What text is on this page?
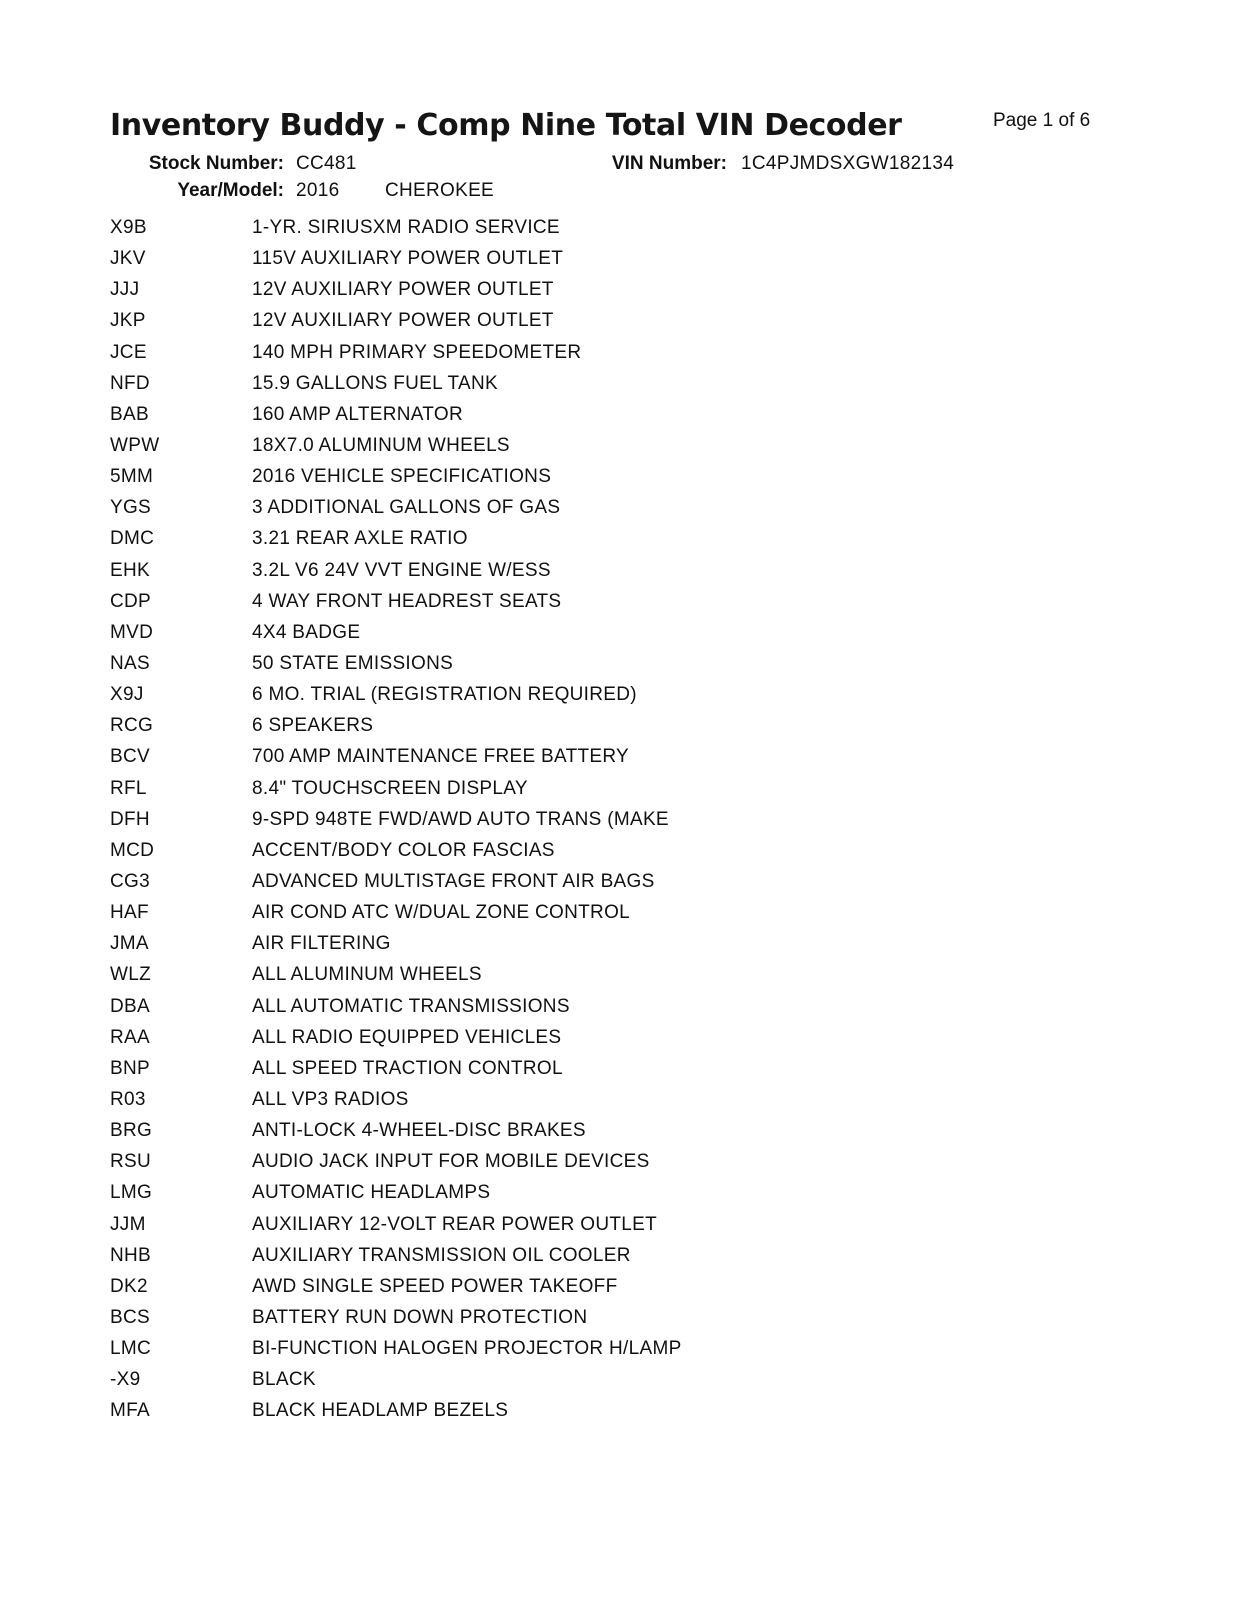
Inventory Buddy - Comp Nine Total VIN Decoder	Page 1 of 6
Stock Number: CC481	VIN Number: 1C4PJMDSXGW182134
Year/Model: 2016 CHEROKEE
X9B	1-YR. SIRIUSXM RADIO SERVICE
JKV	115V AUXILIARY POWER OUTLET
JJJ	12V AUXILIARY POWER OUTLET
JKP	12V AUXILIARY POWER OUTLET
JCE	140 MPH PRIMARY SPEEDOMETER
NFD	15.9 GALLONS FUEL TANK
BAB	160 AMP ALTERNATOR
WPW	18X7.0 ALUMINUM WHEELS
5MM	2016 VEHICLE SPECIFICATIONS
YGS	3 ADDITIONAL GALLONS OF GAS
DMC	3.21 REAR AXLE RATIO
EHK	3.2L V6 24V VVT ENGINE W/ESS
CDP	4 WAY FRONT HEADREST SEATS
MVD	4X4 BADGE
NAS	50 STATE EMISSIONS
X9J	6 MO. TRIAL (REGISTRATION REQUIRED)
RCG	6 SPEAKERS
BCV	700 AMP MAINTENANCE FREE BATTERY
RFL	8.4" TOUCHSCREEN DISPLAY
DFH	9-SPD 948TE FWD/AWD AUTO TRANS (MAKE
MCD	ACCENT/BODY COLOR FASCIAS
CG3	ADVANCED MULTISTAGE FRONT AIR BAGS
HAF	AIR COND ATC W/DUAL ZONE CONTROL
JMA	AIR FILTERING
WLZ	ALL ALUMINUM WHEELS
DBA	ALL AUTOMATIC TRANSMISSIONS
RAA	ALL RADIO EQUIPPED VEHICLES
BNP	ALL SPEED TRACTION CONTROL
R03	ALL VP3 RADIOS
BRG	ANTI-LOCK 4-WHEEL-DISC BRAKES
RSU	AUDIO JACK INPUT FOR MOBILE DEVICES
LMG	AUTOMATIC HEADLAMPS
JJM	AUXILIARY 12-VOLT REAR POWER OUTLET
NHB	AUXILIARY TRANSMISSION OIL COOLER
DK2	AWD SINGLE SPEED POWER TAKEOFF
BCS	BATTERY RUN DOWN PROTECTION
LMC	BI-FUNCTION HALOGEN PROJECTOR H/LAMP
-X9	BLACK
MFA	BLACK HEADLAMP BEZELS
